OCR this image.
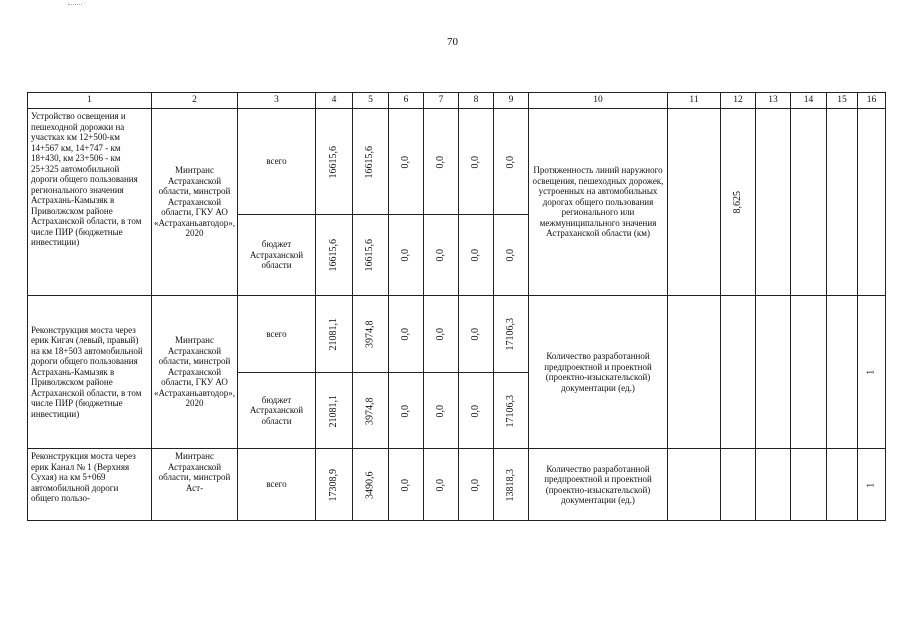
70
1	2	3	4	5	6	7	8	9	10	11	12	13	14	15	16
Устройство освещения и пешеходной дорожки на участках км 12+500-км 14+567 км, 14+747 - км 18+430, км 23+506 - км 25+325 автомобильной дороги общего пользования регионального значения Астрахань-Камызяк в Приволжском районе Астраханской области, в том числе ПИР (бюджетные инвестиции)	Минтранс Астраханской области, минстрой Астраханской области, ГКУ АО «Астраханьавтодор», 2020	всего	16615,6	16615,6	0,0	0,0	0,0	0,0	Протяженность линий наружного освещения, пешеходных дорожек, устроенных на автомобильных дорогах общего пользования регионального или межмуниципального значения Астраханской области (км)		8,625				
		бюджет Астраханской области	16615,6	16615,6	0,0	0,0	0,0	0,0							
Реконструкция моста через ерик Кигач (левый, правый) на км 18+503 автомобильной дороги общего пользования Астрахань-Камызяк в Приволжском районе Астраханской области, в том числе ПИР (бюджетные инвестиции)	Минтранс Астраханской области, минстрой Астраханской области, ГКУ АО «Астраханьавтодор», 2020	всего	21081,1	3974,8	0,0	0,0	0,0	17106,3	Количество разработанной предпроектной и проектной (проектно-изыскательской) документации (ед.)						1
		бюджет Астраханской области	21081,1	3974,8	0,0	0,0	0,0	17106,3							
Реконструкция моста через ерик Канал № 1 (Верхняя Сухая) на км 5+069 автомобильной дороги общего пользо-	Минтранс Астраханской области, минстрой Аст-	всего	17308,9	3490,6	0,0	0,0	0,0	13818,3	Количество разработанной предпроектной и проектной (проектно-изыскательской) документации (ед.)						1
